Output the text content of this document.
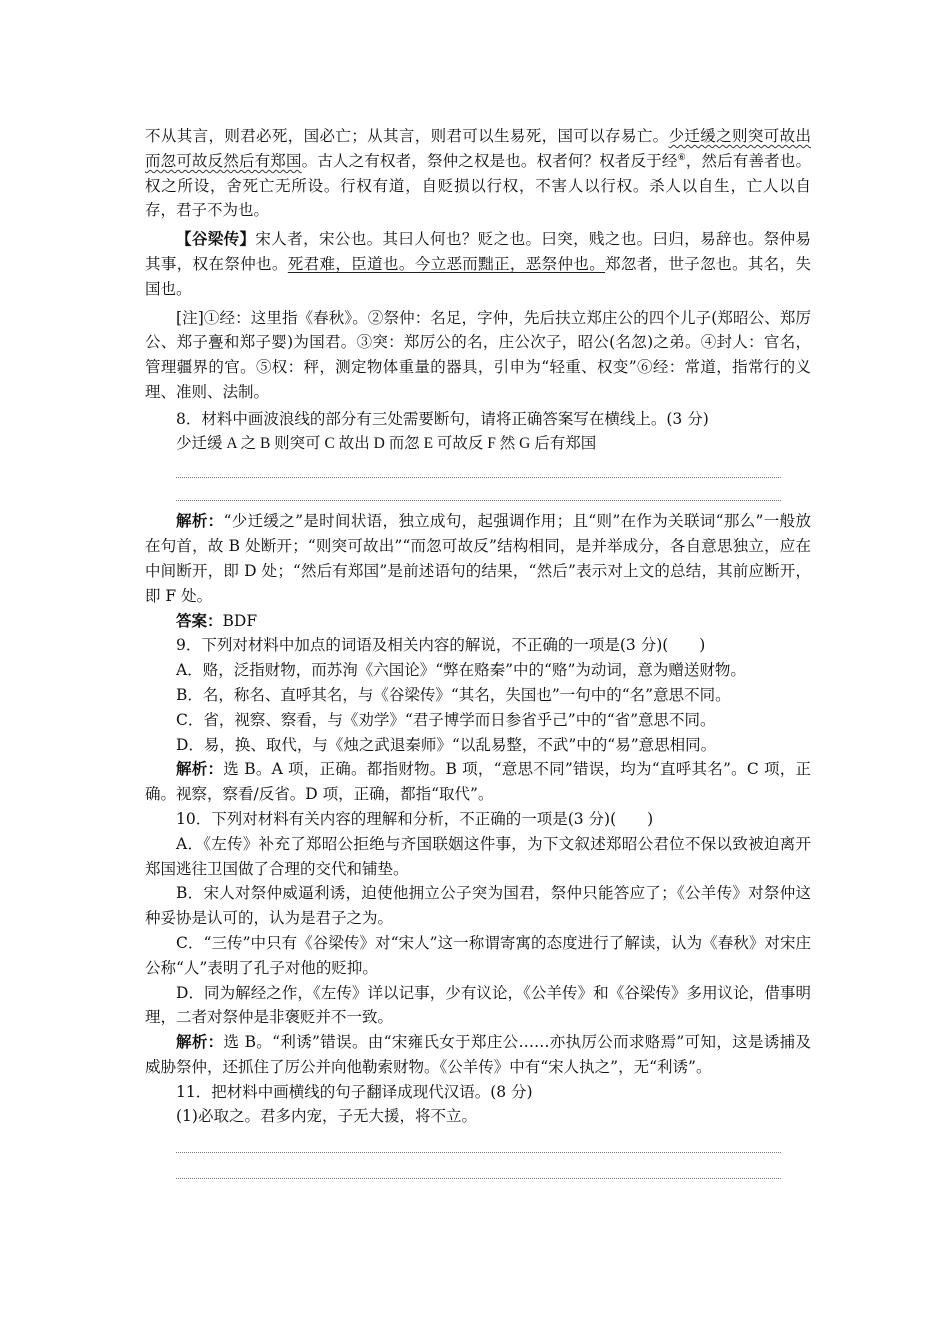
不从其言，则君必死，国必亡；从其言，则君可以生易死，国可以存易亡。少迁缓之则突可故出而忽可故反然后有郑国。古人之有权者，祭仲之权是也。权者何？权者反于经⑥，然后有善者也。权之所设，舍死亡无所设。行权有道，自贬损以行权，不害人以行权。杀人以自生，亡人以自存，君子不为也。

【谷梁传】宋人者，宋公也。其曰人何也？贬之也。曰突，贱之也。曰归，易辞也。祭仲易其事，权在祭仲也。死君难，臣道也。今立恶而黜正，恶祭仲也。郑忽者，世子忽也。其名，失国也。

[注]①经：这里指《春秋》。②祭仲：名足，字仲，先后扶立郑庄公的四个儿子(郑昭公、郑厉公、郑子亹和郑子婴)为国君。③突：郑厉公的名，庄公次子，昭公(名忽)之弟。④封人：官名，管理疆界的官。⑤权：秤，测定物体重量的器具，引申为“轻重、权变”⑥经：常道，指常行的义理、准则、法制。

8．材料中画波浪线的部分有三处需要断句，请将正确答案写在横线上。(3 分)

少迁缓 A 之 B 则突可 C 故出 D 而忽 E 可故反 F 然 G 后有郑国

解析：“少迁缓之”是时间状语，独立成句，起强调作用；且“则”在作为关联词“那么”一般放在句首，故 B 处断开；“则突可故出”“而忽可故反”结构相同，是并举成分，各自意思独立，应在中间断开，即 D 处；“然后有郑国”是前述语句的结果，“然后”表示对上文的总结，其前应断开，即 F 处。

答案：BDF

9．下列对材料中加点的词语及相关内容的解说，不正确的一项是(3 分)(　　)

A．赂，泛指财物，而苏洵《六国论》“弊在赂秦”中的“赂”为动词，意为赠送财物。

B．名，称名、直呼其名，与《谷梁传》“其名，失国也”一句中的“名”意思不同。

C．省，视察、察看，与《劝学》“君子博学而日参省乎己”中的“省”意思不同。

D．易，换、取代，与《烛之武退秦师》“以乱易整，不武”中的“易”意思相同。

解析：选 B。A 项，正确。都指财物。B 项，“意思不同”错误，均为“直呼其名”。C 项，正确。视察，察看/反省。D 项，正确，都指“取代”。

10．下列对材料有关内容的理解和分析，不正确的一项是(3 分)(　　)

A．《左传》补充了郑昭公拒绝与齐国联姻这件事，为下文叙述郑昭公君位不保以致被迫离开郑国逃往卫国做了合理的交代和铺垫。

B．宋人对祭仲威逼利诱，迫使他拥立公子突为国君，祭仲只能答应了；《公羊传》对祭仲这种妥协是认可的，认为是君子之为。

C．“三传”中只有《谷梁传》对“宋人”这一称谓寄寓的态度进行了解读，认为《春秋》对宋庄公称“人”表明了孔子对他的贬抑。

D．同为解经之作，《左传》详以记事，少有议论，《公羊传》和《谷梁传》多用议论，借事明理，二者对祭仲是非褒贬并不一致。

解析：选 B。“利诱”错误。由“宋雍氏女于郑庄公……亦执厉公而求赂焉”可知，这是诱捕及威胁祭仲，还抓住了厉公并向他勒索财物。《公羊传》中有“宋人执之”，无“利诱”。

11．把材料中画横线的句子翻译成现代汉语。(8 分)

(1)必取之。君多内宠，子无大援，将不立。
